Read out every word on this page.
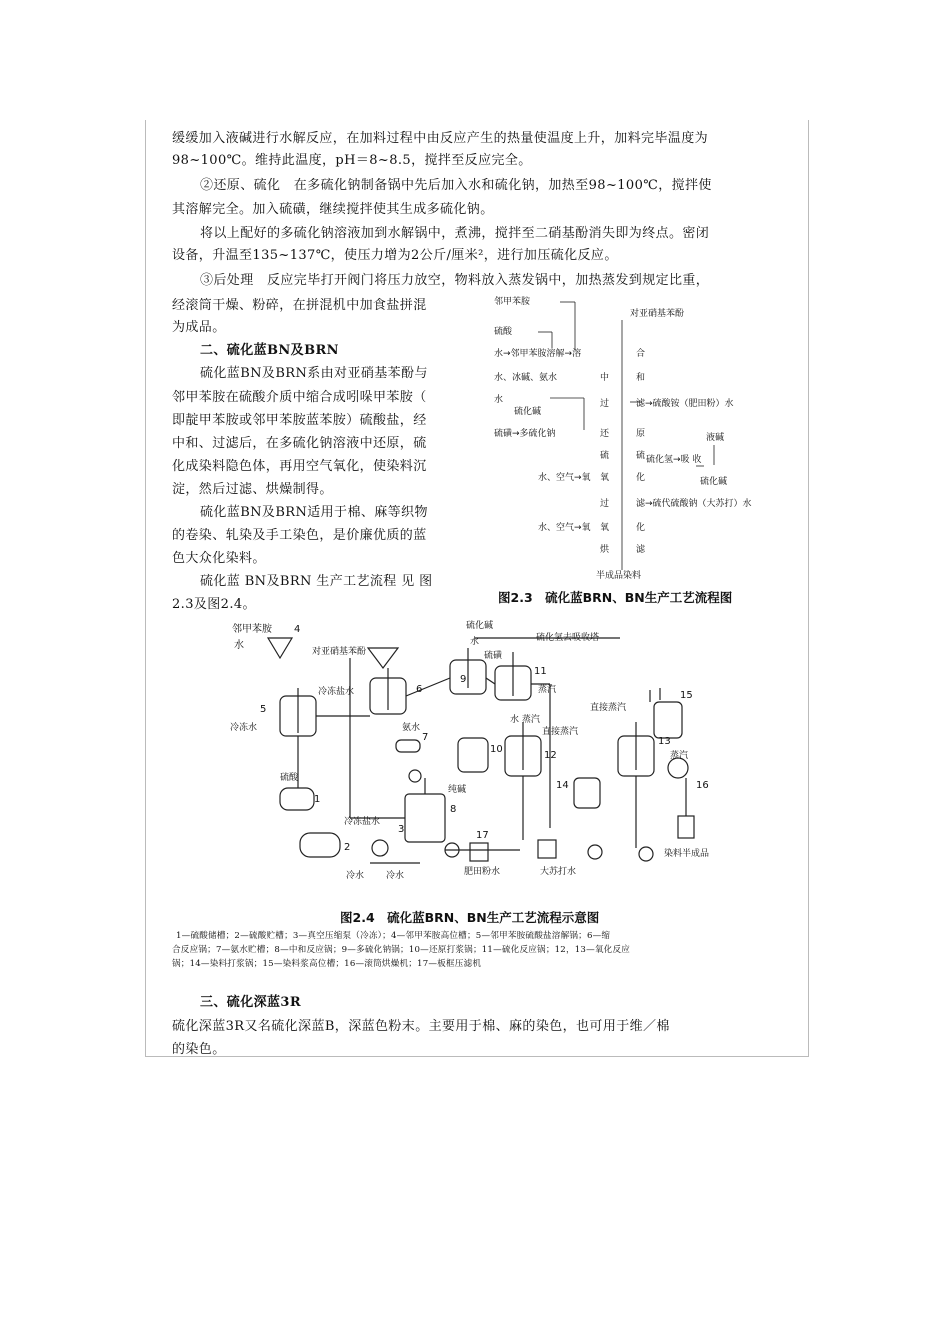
缓缓加入液碱进行水解反应，在加料过程中由反应产生的热量使温度上升，加料完毕温度为
98~100℃。维持此温度，pH＝8~8.5，搅拌至反应完全。
②还原、硫化　在多硫化钠制备锅中先后加入水和硫化钠，加热至98~100℃，搅拌使
其溶解完全。加入硫磺，继续搅拌使其生成多硫化钠。
将以上配好的多硫化钠溶液加到水解锅中，煮沸，搅拌至二硝基酚消失即为终点。密闭
设备，升温至135~137℃，使压力增为2公斤/厘米²，进行加压硫化反应。
③后处理　反应完毕打开阀门将压力放空，物料放入蒸发锅中，加热蒸发到规定比重，
经滚筒干燥、粉碎，在拼混机中加食盐拼混
为成品。
二、硫化蓝BN及BRN
硫化蓝BN及BRN系由对亚硝基苯酚与
邻甲苯胺在硫酸介质中缩合成吲哚甲苯胺（
即靛甲苯胺或邻甲苯胺蓝苯胺）硫酸盐，经
中和、过滤后，在多硫化钠溶液中还原，硫
化成染料隐色体，再用空气氧化，使染料沉
淀，然后过滤、烘燥制得。
硫化蓝BN及BRN适用于棉、麻等织物
的卷染、轧染及手工染色，是价廉优质的蓝
色大众化染料。
硫化蓝 BN及BRN 生产工艺流程 见 图
2.3及图2.4。
邻甲苯胺
对亚硝基苯酚
硫酸
水→邻甲苯胺溶解→溶
水、冰碱、氨水
水
硫化碱
硫磺→多硫化钠
水、空气→氧
水、空气→氧
中
过
还
硫
氧
过
氧
烘
合
和
原
硫
化
化
滤
滤→硫酸铵（肥田粉）水
液碱
硫化氢→吸 收
硫化碱
滤→硫代硫酸钠（大苏打）水
半成品染料
图2.3　硫化蓝BRN、BN生产工艺流程图
邻甲苯胺 4
水
对亚硝基苯酚
冷冻盐水	6
5
冷冻水
硫化碱
水
硫磺
硫化氢去吸收塔
11
蒸汽
直接蒸汽
15
16
蒸汽
7
氨水
9
10
水 蒸汽
直接蒸汽
12
13
14
硫酸
1
2
3
冷冻盐水
纯碱
8
17
肥田粉水	大苏打水
染料半成品
冷水 冷水
图2.4　硫化蓝BRN、BN生产工艺流程示意图
1—硫酸储槽；2—硫酸贮槽；3—真空压缩泵（冷冻）；4—邻甲苯胺高位槽；5—邻甲苯胺硫酸盐溶解锅；6—缩
合反应锅；7—氨水贮槽；8—中和反应锅；9—多硫化钠锅；10—还原打浆锅；11—硫化反应锅；12，13—氧化反应
锅；14—染料打浆锅；15—染料浆高位槽；16—滚筒烘燥机；17—板框压滤机
三、硫化深蓝3R
硫化深蓝3R又名硫化深蓝B，深蓝色粉末。主要用于棉、麻的染色，也可用于维／棉
的染色。
